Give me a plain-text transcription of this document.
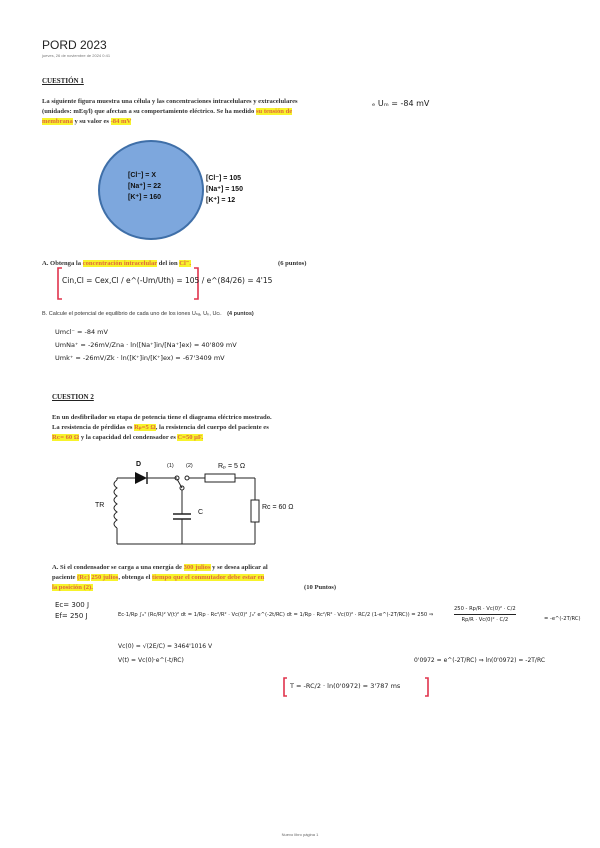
PORD 2023
jueves, 26 de noviembre de 2024 0:41
CUESTIÓN 1
La siguiente figura muestra una célula y las concentraciones intracelulares y extracelulares
(unidades: mEq/l) que afectan a su comportamiento eléctrico. Se ha medido su tensión de
membrana y su valor es -84 mV
ₑ Uₘ = -84 mV
[Cl⁻] = X
[Na⁺] = 22
[K⁺] = 160
[Cl⁻] = 105
[Na⁺] = 150
[K⁺] = 12
A. Obtenga la concentración intracelular del ion Cl⁻.	(6 puntos)
Cin,Cl = Cex,Cl / e^(-Um/Uth) = 105 / e^(84/26) = 4'15
B. Calcule el potencial de equilibrio de cada uno de los iones Uₙₐ, Uₖ, Uᴄₗ. (4 puntos)
Umcl⁻ = -84 mV
UmNa⁺ = -26mV/Zna · ln([Na⁺]in/[Na⁺]ex) = 40'809 mV
Umk⁺ = -26mV/Zk · ln([K⁺]in/[K⁺]ex) = -67'3409 mV
CUESTION 2
En un desfibrilador su etapa de potencia tiene el diagrama eléctrico mostrado.
La resistencia de pérdidas es Rₚ=5 Ω, la resistencia del cuerpo del paciente es
Rᴄ= 60 Ω y la capacidad del condensador es C=50 μF.
D	(1) (2)	Rₚ = 5 Ω
TR
C
Rᴄ = 60 Ω
A. Si el condensador se carga a una energía de 300 julios y se desea aplicar al
paciente (Rᴄ) 250 julios, obtenga el tiempo que el conmutador debe estar en
la posición (2).	(10 Puntos)
Ec= 300 J
Ef= 250 J	Ec·1/Rp ∫₀ᵀ (Rc/R)² V(t)² dt = 1/Rp · Rc²/R² · Vc(0)² ∫₀ᵀ e^(-2t/RC) dt = 1/Rp · Rc²/R² · Vc(0)² · RC/2 (1-e^(-2T/RC)) = 250 ⇒
250 - Rp/R · Vc(0)² · C/2
Rp/R · Vc(0)² · C/2	= -e^(-2T/RC)
Vc(0) = √(2E/C) = 3464'1016 V
V(t) = Vc(0)·e^(-t/RC)	0'0972 = e^(-2T/RC) ⇒ ln(0'0972) = -2T/RC
T = -RC/2 · ln(0'0972) = 3'787 ms
Nuevo libro página 1
